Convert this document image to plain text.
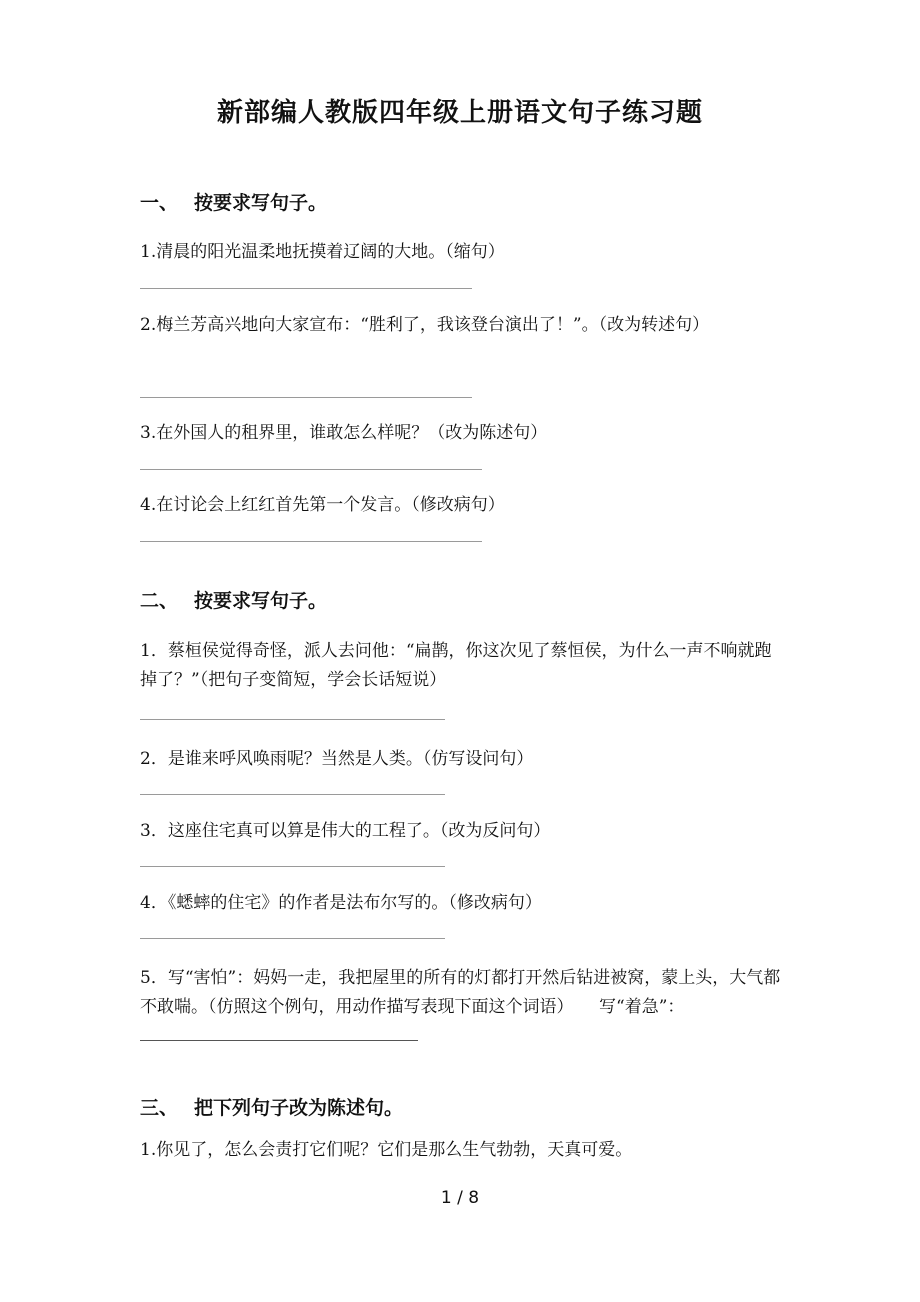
新部编人教版四年级上册语文句子练习题
一、 按要求写句子。
1.清晨的阳光温柔地抚摸着辽阔的大地。（缩句）
2.梅兰芳高兴地向大家宣布：“胜利了，我该登台演出了！”。（改为转述句）
3.在外国人的租界里，谁敢怎么样呢？（改为陈述句）
4.在讨论会上红红首先第一个发言。（修改病句）
二、 按要求写句子。
1．蔡桓侯觉得奇怪，派人去问他：“扁鹊，你这次见了蔡恒侯，为什么一声不响就跑掉了？”（把句子变简短，学会长话短说）
2．是谁来呼风唤雨呢？当然是人类。（仿写设问句）
3．这座住宅真可以算是伟大的工程了。（改为反问句）
4．《蟋蟀的住宅》的作者是法布尔写的。（修改病句）
5．写“害怕”：妈妈一走，我把屋里的所有的灯都打开然后钻进被窝，蒙上头，大气都不敢喘。（仿照这个例句，用动作描写表现下面这个词语）　　写“着急”：
三、 把下列句子改为陈述句。
1.你见了，怎么会责打它们呢？它们是那么生气勃勃，天真可爱。
1 / 8
